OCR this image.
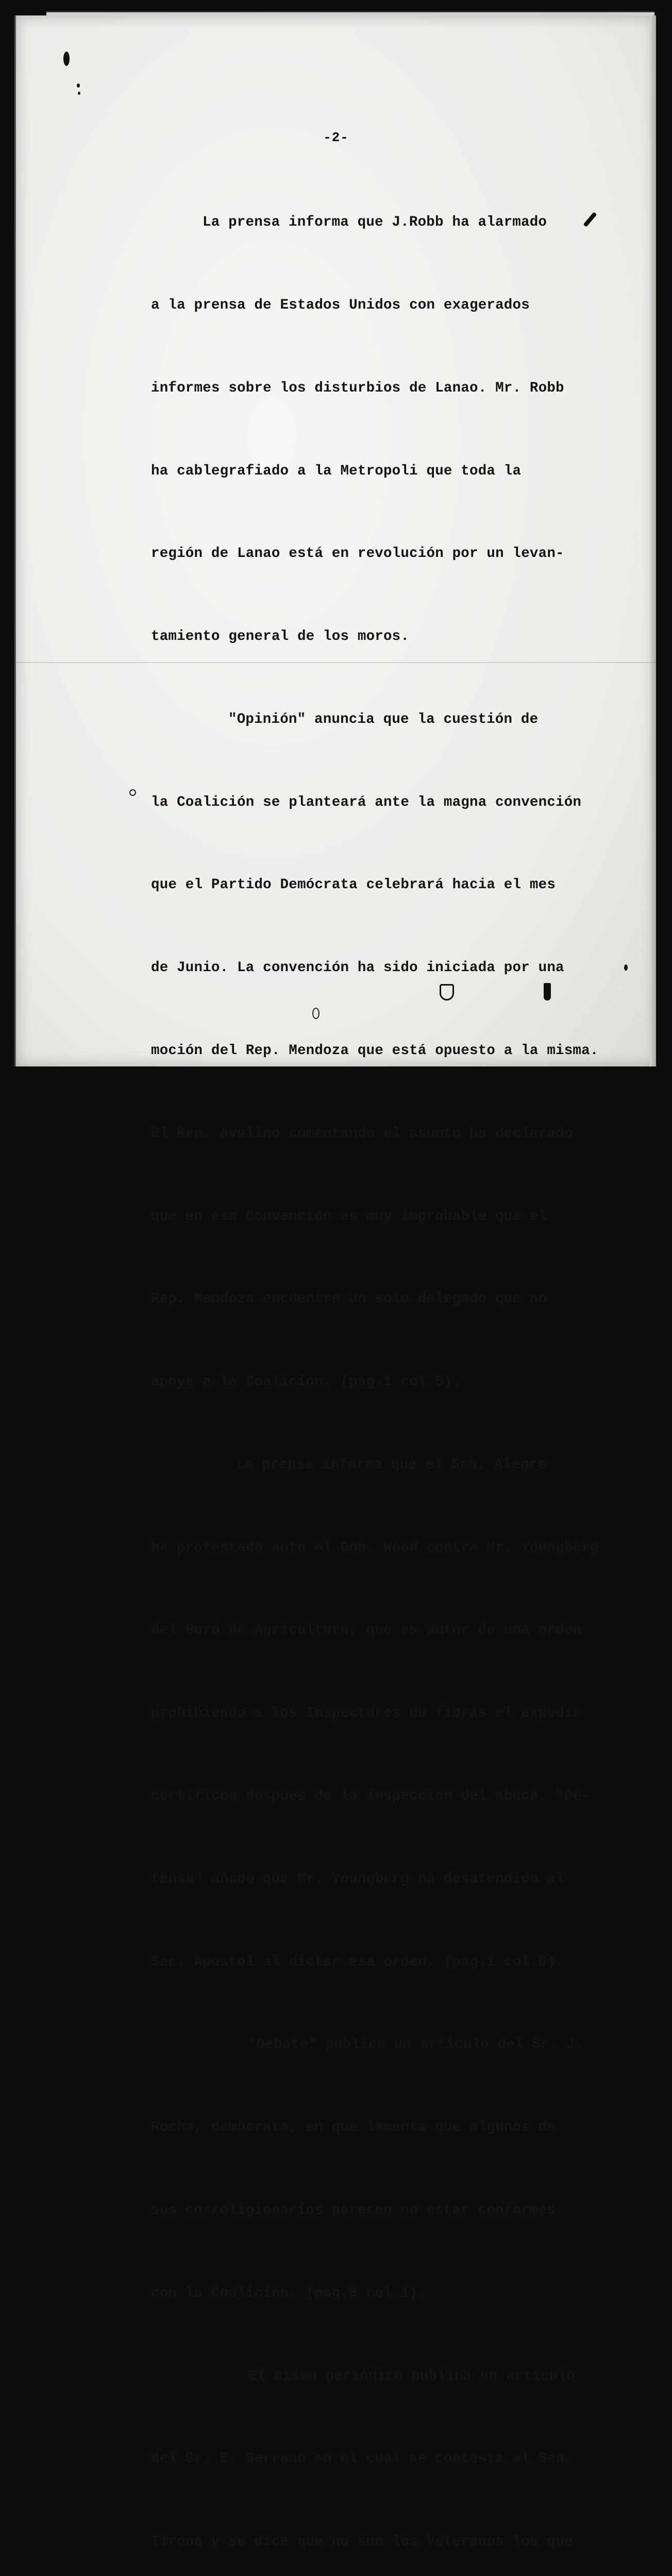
-2-

La prensa informa que J.Robb ha alarmado

a la prensa de Estados Unidos con exagerados

informes sobre los disturbios de Lanao. Mr. Robb

ha cablegrafiado a la Metropoli que toda la

región de Lanao está en revolución por un levan-

tamiento general de los moros.

"Opinión" anuncia que la cuestión de

la Coalición se planteará ante la magna convención

que el Partido Demócrata celebrará hacia el mes

de Junio. La convención ha sido iniciada por una

moción del Rep. Mendoza que está opuesto a la misma.

El Rep. Avelino comentando el asunto ha declarado

que en esa Convención es muy improbable que el

Rep. Mendoza encuentre un solo delegado que no

apoye a la Coalición. (pag.1 col.5).

La prensa informa que el Sen. Alegre

ha protestado ante el Gob. Wood contra Mr. Youngberg

del Buró de Agricultura, que es autor de una orden

prohibiendo a los Inspectores de fibras el expedir

certificos despues de la inspección del abacá. "De-

fensa" añade que Mr. Youngberg ha desatendido al

Sec. Apostol al dictar esa orden. (pag.1 col.8).

"Debate" publica un articulo del Sr. J.

Rocha, demócrata, en que lamenta que algunos de

sus correligionarios parecen no estar conformes

con la Coalición. (pag.8 col.1).

El mismo periódico publica un artículo

del Sr. E. Serrano en el cual se contesta al Sen.

Tirona y se dice que no son los Veteranos los que
